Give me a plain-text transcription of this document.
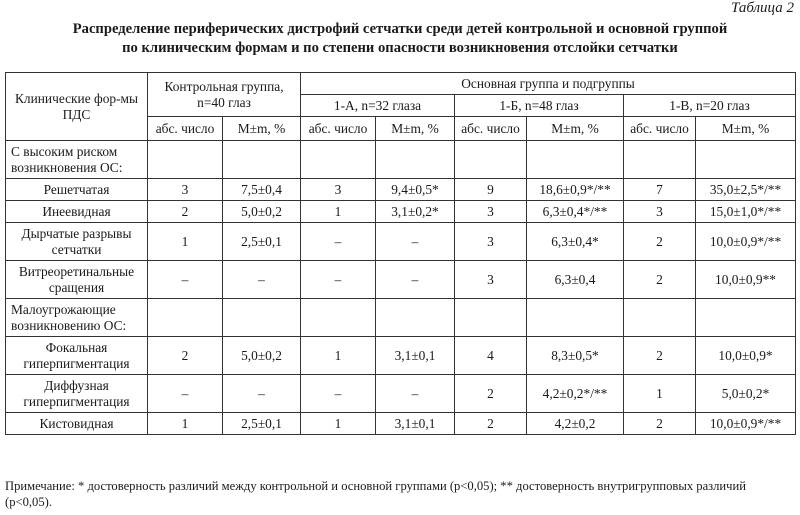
Таблица 2
Распределение периферических дистрофий сетчатки среди детей контрольной и основной группой
по клиническим формам и по степени опасности возникновения отслойки сетчатки
Клинические фор-мы ПДС	Контрольная группа, n=40 глаз		Основная группа и подгруппы					
			1-А, n=32 глаза		1-Б, n=48 глаз		1-В, n=20 глаз	
	абс. число	M±m, %	абс. число	M±m, %	абс. число	M±m, %	абс. число	M±m, %
С высоким риском возникновения ОС:								
Решетчатая	3	7,5±0,4	3	9,4±0,5*	9	18,6±0,9*/**	7	35,0±2,5*/**
Инеевидная	2	5,0±0,2	1	3,1±0,2*	3	6,3±0,4*/**	3	15,0±1,0*/**
Дырчатые разрывы сетчатки	1	2,5±0,1	–	–	3	6,3±0,4*	2	10,0±0,9*/**
Витреоретинальные сращения	–	–	–	–	3	6,3±0,4	2	10,0±0,9**
Малоугрожающие возникновению ОС:								
Фокальная гиперпигментация	2	5,0±0,2	1	3,1±0,1	4	8,3±0,5*	2	10,0±0,9*
Диффузная гиперпигментация	–	–	–	–	2	4,2±0,2*/**	1	5,0±0,2*
Кистовидная	1	2,5±0,1	1	3,1±0,1	2	4,2±0,2	2	10,0±0,9*/**
Примечание: * достоверность различий между контрольной и основной группами (p<0,05); ** достоверность внутригрупповых различий (p<0,05).
